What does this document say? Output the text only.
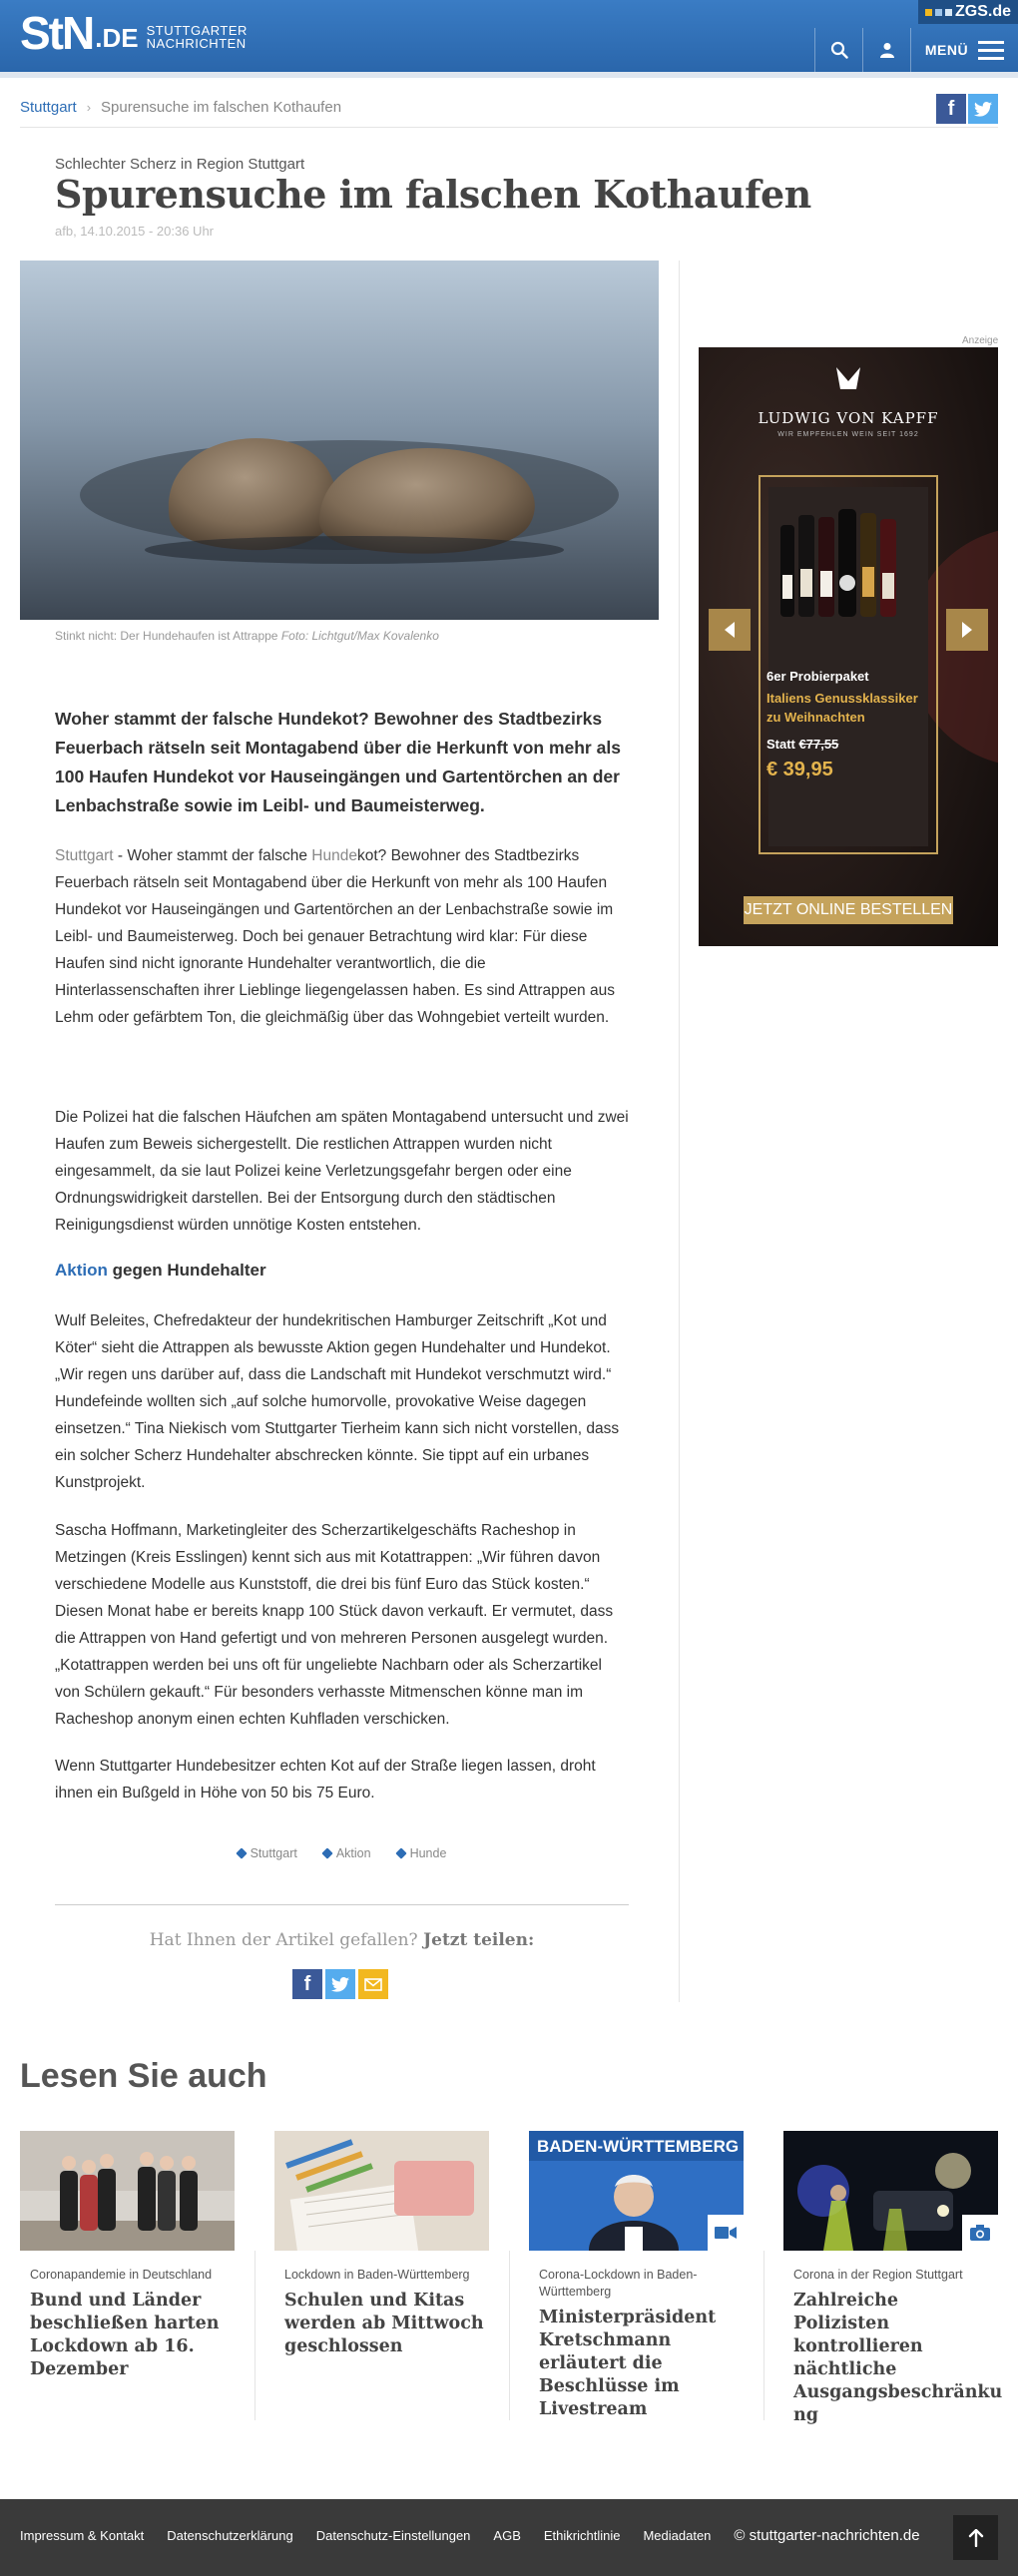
StN .DE STUTTGARTER
NACHRICHTEN
ZGS.de
MENÜ
Stuttgart › Spurensuche im falschen Kothaufen	f
Schlechter Scherz in Region Stuttgart
Spurensuche im falschen Kothaufen
afb, 14.10.2015 - 20:36 Uhr
Stinkt nicht: Der Hundehaufen ist Attrappe Foto: Lichtgut/Max Kovalenko

Woher stammt der falsche Hundekot? Bewohner des Stadtbezirks Feuerbach rätseln seit Montagabend über die Herkunft von mehr als 100 Haufen Hundekot vor Hauseingängen und Gartentörchen an der Lenbachstraße sowie im Leibl- und Baumeisterweg.

Stuttgart - Woher stammt der falsche Hundekot? Bewohner des Stadtbezirks Feuerbach rätseln seit Montagabend über die Herkunft von mehr als 100 Haufen Hundekot vor Hauseingängen und Gartentörchen an der Lenbachstraße sowie im Leibl- und Baumeisterweg. Doch bei genauer Betrachtung wird klar: Für diese Haufen sind nicht ignorante Hundehalter verantwortlich, die die Hinterlassenschaften ihrer Lieblinge liegengelassen haben. Es sind Attrappen aus Lehm oder gefärbtem Ton, die gleichmäßig über das Wohngebiet verteilt wurden.

Die Polizei hat die falschen Häufchen am späten Montagabend untersucht und zwei Haufen zum Beweis sichergestellt. Die restlichen Attrappen wurden nicht eingesammelt, da sie laut Polizei keine Verletzungsgefahr bergen oder eine Ordnungswidrigkeit darstellen. Bei der Entsorgung durch den städtischen Reinigungsdienst würden unnötige Kosten entstehen.

Aktion gegen Hundehalter

Wulf Beleites, Chefredakteur der hundekritischen Hamburger Zeitschrift „Kot und Köter“ sieht die Attrappen als bewusste Aktion gegen Hundehalter und Hundekot. „Wir regen uns darüber auf, dass die Landschaft mit Hundekot verschmutzt wird.“ Hundefeinde wollten sich „auf solche humorvolle, provokative Weise dagegen einsetzen.“ Tina Niekisch vom Stuttgarter Tierheim kann sich nicht vorstellen, dass ein solcher Scherz Hundehalter abschrecken könnte. Sie tippt auf ein urbanes Kunstprojekt.

Sascha Hoffmann, Marketingleiter des Scherzartikelgeschäfts Racheshop in Metzingen (Kreis Esslingen) kennt sich aus mit Kotattrappen: „Wir führen davon verschiedene Modelle aus Kunststoff, die drei bis fünf Euro das Stück kosten.“ Diesen Monat habe er bereits knapp 100 Stück davon verkauft. Er vermutet, dass die Attrappen von Hand gefertigt und von mehreren Personen ausgelegt wurden. „Kotattrappen werden bei uns oft für ungeliebte Nachbarn oder als Scherzartikel von Schülern gekauft.“ Für besonders verhasste Mitmenschen könne man im Racheshop anonym einen echten Kuhfladen verschicken.

Wenn Stuttgarter Hundebesitzer echten Kot auf der Straße liegen lassen, droht ihnen ein Bußgeld in Höhe von 50 bis 75 Euro.

Stuttgart	Aktion	Hunde
Hat Ihnen der Artikel gefallen? Jetzt teilen:
f
Anzeige
LUDWIG VON KAPFF
WIR EMPFEHLEN WEIN SEIT 1692
6er Probierpaket
Italiens Genussklassiker zu Weihnachten
Statt €77,55
€ 39,95
JETZT ONLINE BESTELLEN
Lesen Sie auch
Coronapandemie in Deutschland
Bund und Länder beschließen harten Lockdown ab 16. Dezember
Lockdown in Baden-Württemberg
Schulen und Kitas werden ab Mittwoch geschlossen
BADEN-WÜRTTEMBERG
Corona-Lockdown in Baden-Württemberg
Ministerpräsident Kretschmann erläutert die Beschlüsse im Livestream
Corona in der Region Stuttgart
Zahlreiche Polizisten kontrollieren nächtliche Ausgangsbeschränku ng
Impressum & Kontakt Datenschutzerklärung Datenschutz-Einstellungen AGB Ethikrichtlinie Mediadaten © stuttgarter-nachrichten.de
